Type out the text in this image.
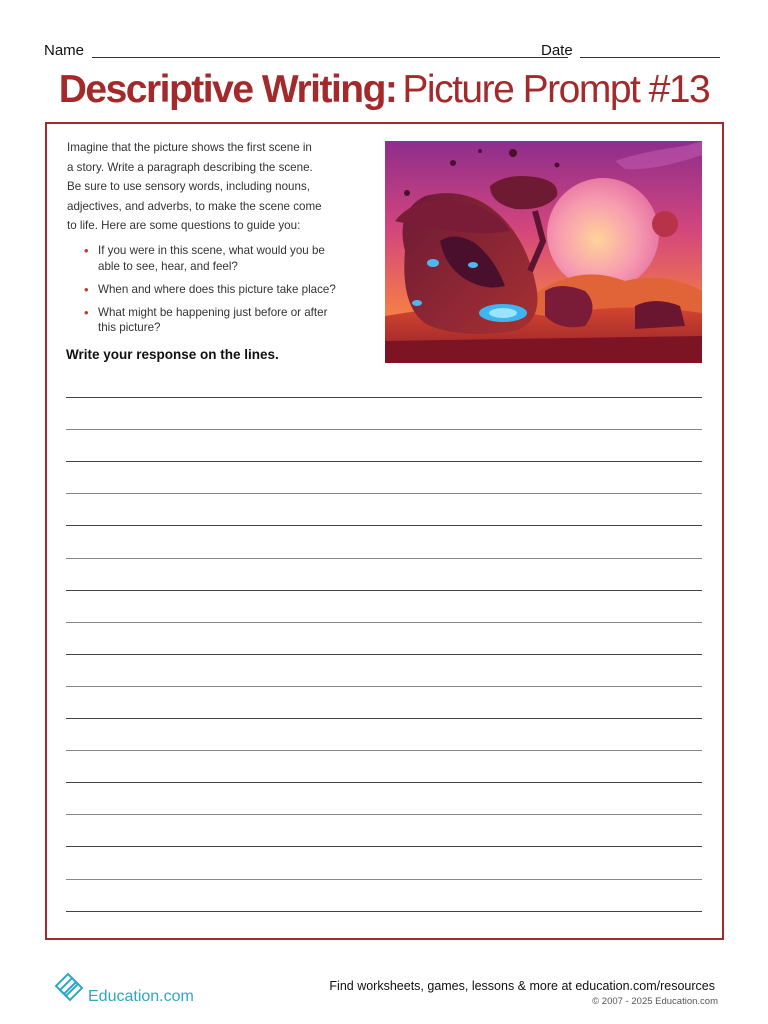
Name	Date
Descriptive Writing: Picture Prompt #13
Imagine that the picture shows the first scene in
a story. Write a paragraph describing the scene.
Be sure to use sensory words, including nouns,
adjectives, and adverbs, to make the scene come
to life. Here are some questions to guide you:
• If you were in this scene, what would you be
able to see, hear, and feel?
• When and where does this picture take place?
• What might be happening just before or after
this picture?
Write your response on the lines.
Education.com
Find worksheets, games, lessons & more at education.com/resources
© 2007 - 2025 Education.com
